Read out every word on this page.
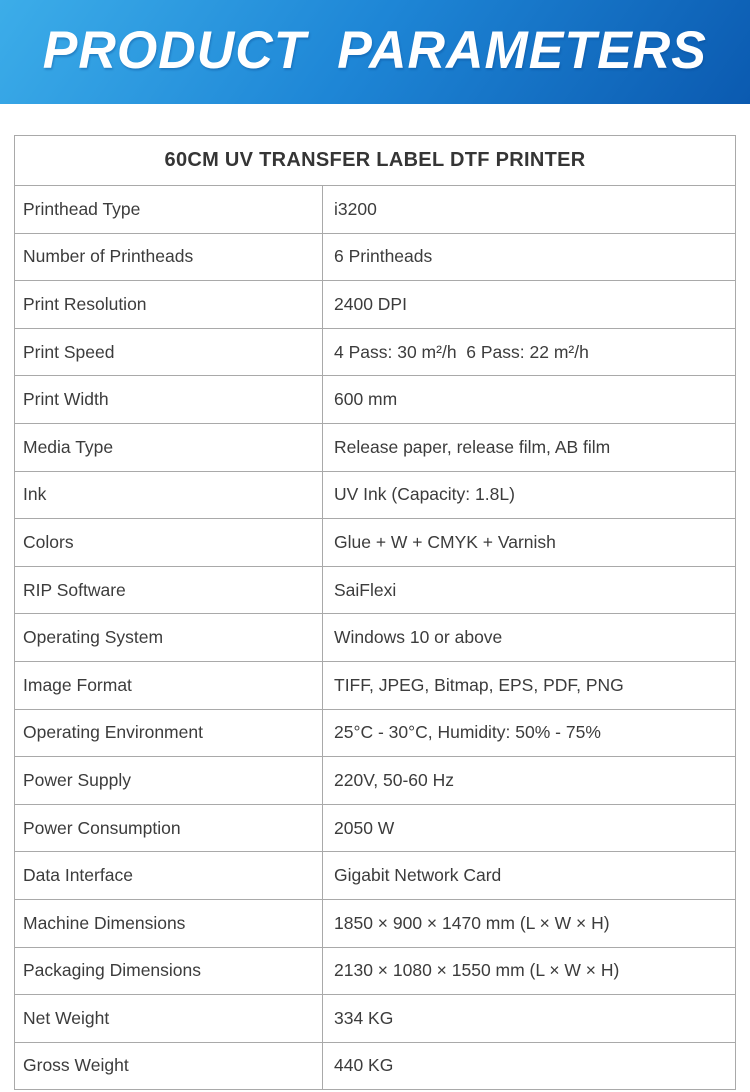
PRODUCT  PARAMETERS
60CM UV TRANSFER LABEL DTF PRINTER	
Printhead Type	i3200
Number of Printheads	6 Printheads
Print Resolution	2400 DPI
Print Speed	4 Pass: 30 m²/h  6 Pass: 22 m²/h
Print Width	600 mm
Media Type	Release paper, release film, AB film
Ink	UV Ink (Capacity: 1.8L)
Colors	Glue + W + CMYK + Varnish
RIP Software	SaiFlexi
Operating System	Windows 10 or above
Image Format	TIFF, JPEG, Bitmap, EPS, PDF, PNG
Operating Environment	25°C - 30°C, Humidity: 50% - 75%
Power Supply	220V, 50-60 Hz
Power Consumption	2050 W
Data Interface	Gigabit Network Card
Machine Dimensions	1850 × 900 × 1470 mm (L × W × H)
Packaging Dimensions	2130 × 1080 × 1550 mm (L × W × H)
Net Weight	334 KG
Gross Weight	440 KG
